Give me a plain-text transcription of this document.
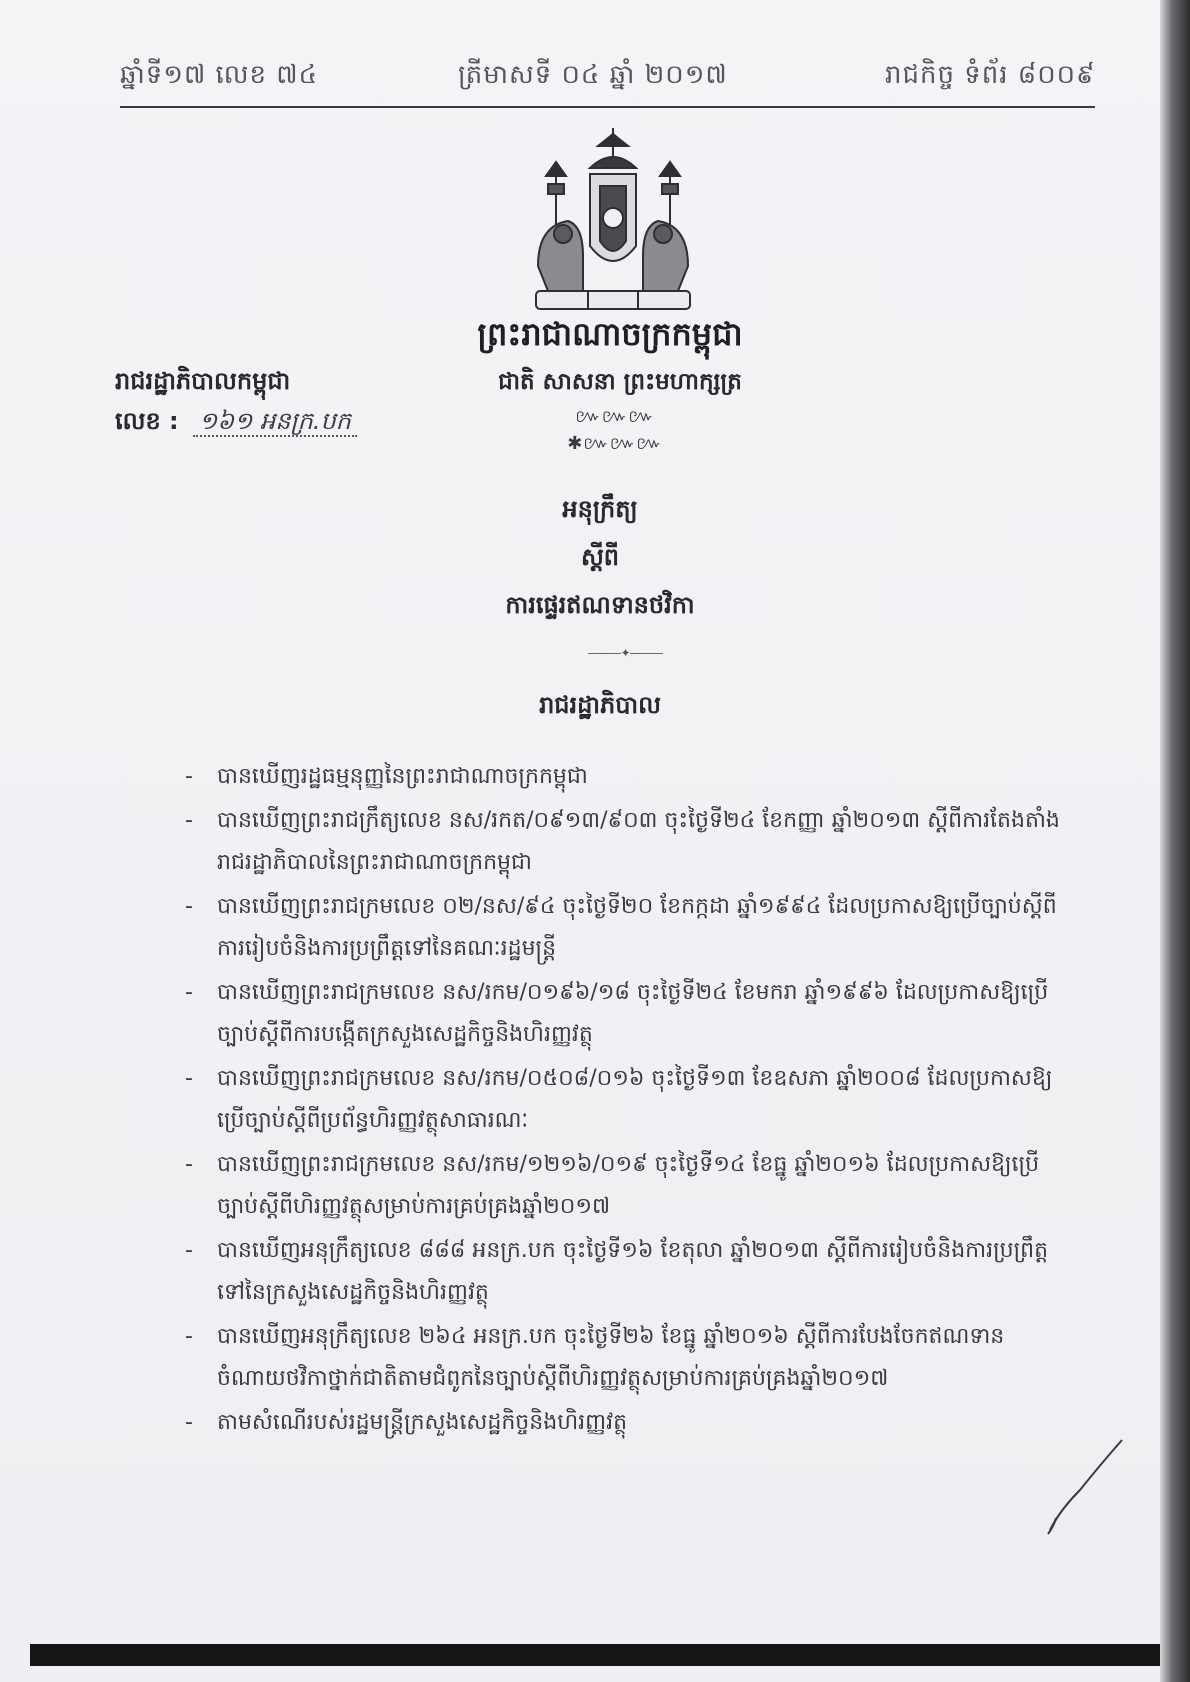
ឆ្នាំទី១៧ លេខ ៧៤	ត្រីមាសទី ០៤ ឆ្នាំ ២០១៧	រាជកិច្ច ទំព័រ ៨០០៩
ព្រះរាជាណាចក្រកម្ពុជា
ជាតិ សាសនា ព្រះមហាក្សត្រ
៚៚៚✱៚៚៚
រាជរដ្ឋាភិបាលកម្ពុជា
លេខ : ១៦១ អនក្រ.បក
អនុក្រឹត្យ
ស្តីពី
ការផ្ទេរឥណទានថវិកា
———✦———
រាជរដ្ឋាភិបាល
- បានឃើញរដ្ឋធម្មនុញ្ញនៃព្រះរាជាណាចក្រកម្ពុជា
- បានឃើញព្រះរាជក្រឹត្យលេខ នស/រកត/០៩១៣/៩០៣ ចុះថ្ងៃទី២៤ ខែកញ្ញា ឆ្នាំ២០១៣ ស្តីពីការតែងតាំងរាជរដ្ឋាភិបាលនៃព្រះរាជាណាចក្រកម្ពុជា
- បានឃើញព្រះរាជក្រមលេខ ០២/នស/៩៤ ចុះថ្ងៃទី២០ ខែកក្កដា ឆ្នាំ១៩៩៤ ដែលប្រកាសឱ្យប្រើច្បាប់ស្តីពីការរៀបចំនិងការប្រព្រឹត្តទៅនៃគណៈរដ្ឋមន្ត្រី
- បានឃើញព្រះរាជក្រមលេខ នស/រកម/០១៩៦/១៨ ចុះថ្ងៃទី២៤ ខែមករា ឆ្នាំ១៩៩៦ ដែលប្រកាសឱ្យប្រើច្បាប់ស្តីពីការបង្កើតក្រសួងសេដ្ឋកិច្ចនិងហិរញ្ញវត្ថុ
- បានឃើញព្រះរាជក្រមលេខ នស/រកម/០៥០៨/០១៦ ចុះថ្ងៃទី១៣ ខែឧសភា ឆ្នាំ២០០៨ ដែលប្រកាសឱ្យប្រើច្បាប់ស្តីពីប្រព័ន្ធហិរញ្ញវត្ថុសាធារណៈ
- បានឃើញព្រះរាជក្រមលេខ នស/រកម/១២១៦/០១៩ ចុះថ្ងៃទី១៤ ខែធ្នូ ឆ្នាំ២០១៦ ដែលប្រកាសឱ្យប្រើច្បាប់ស្តីពីហិរញ្ញវត្ថុសម្រាប់ការគ្រប់គ្រងឆ្នាំ២០១៧
- បានឃើញអនុក្រឹត្យលេខ ៨៨៨ អនក្រ.បក ចុះថ្ងៃទី១៦ ខែតុលា ឆ្នាំ២០១៣ ស្តីពីការរៀបចំនិងការប្រព្រឹត្តទៅនៃក្រសួងសេដ្ឋកិច្ចនិងហិរញ្ញវត្ថុ
- បានឃើញអនុក្រឹត្យលេខ ២៦៤ អនក្រ.បក ចុះថ្ងៃទី២៦ ខែធ្នូ ឆ្នាំ២០១៦ ស្តីពីការបែងចែកឥណទានចំណាយថវិកាថ្នាក់ជាតិតាមជំពូកនៃច្បាប់ស្តីពីហិរញ្ញវត្ថុសម្រាប់ការគ្រប់គ្រងឆ្នាំ២០១៧
- តាមសំណើរបស់រដ្ឋមន្ត្រីក្រសួងសេដ្ឋកិច្ចនិងហិរញ្ញវត្ថុ
